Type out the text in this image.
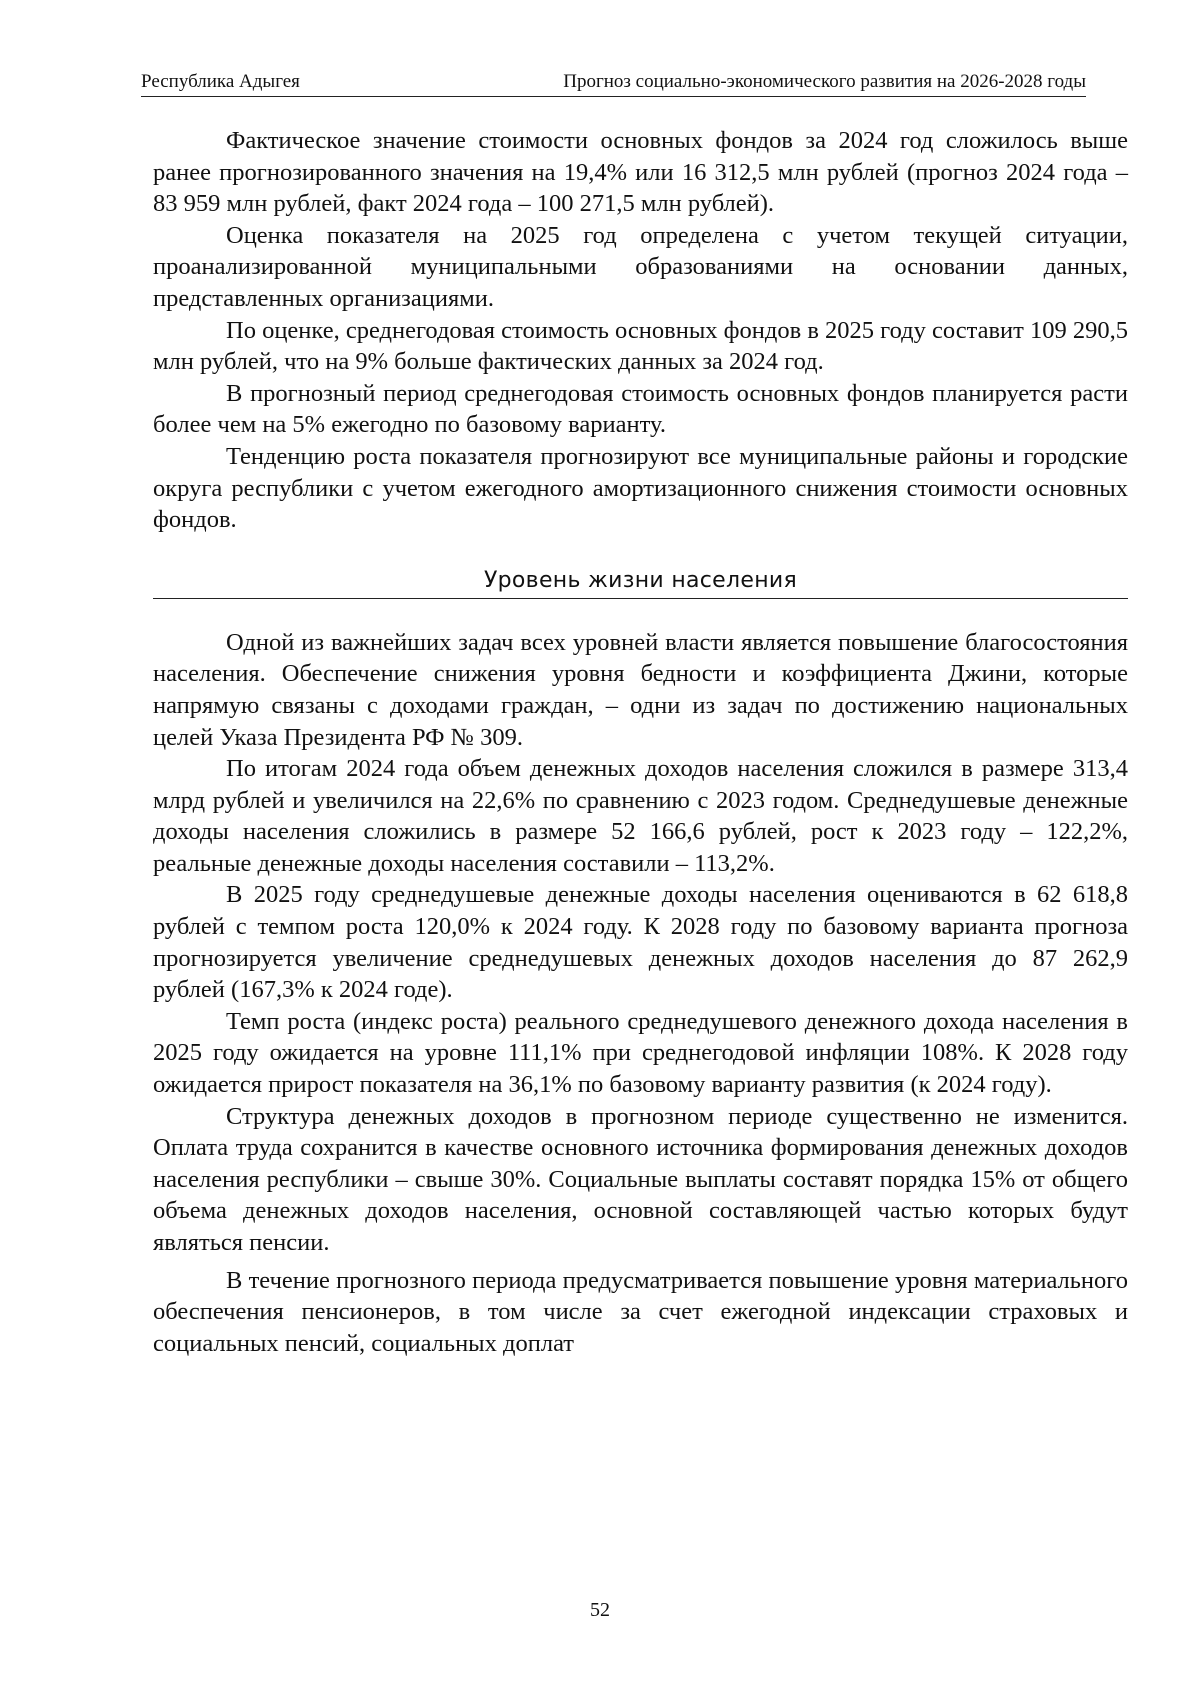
Республика Адыгея	Прогноз социально-экономического развития на 2026-2028 годы

Фактическое значение стоимости основных фондов за 2024 год сложилось выше ранее прогнозированного значения на 19,4% или 16 312,5 млн рублей (прогноз 2024 года – 83 959 млн рублей, факт 2024 года – 100 271,5 млн рублей).

Оценка показателя на 2025 год определена с учетом текущей ситуации, проанализированной муниципальными образованиями на основании данных, представленных организациями.

По оценке, среднегодовая стоимость основных фондов в 2025 году составит 109 290,5 млн рублей, что на 9% больше фактических данных за 2024 год.

В прогнозный период среднегодовая стоимость основных фондов планируется расти более чем на 5% ежегодно по базовому варианту.

Тенденцию роста показателя прогнозируют все муниципальные районы и городские округа республики с учетом ежегодного амортизационного снижения стоимости основных фондов.

Уровень жизни населения

Одной из важнейших задач всех уровней власти является повышение благосостояния населения. Обеспечение снижения уровня бедности и коэффициента Джини, которые напрямую связаны с доходами граждан, – одни из задач по достижению национальных целей Указа Президента РФ № 309.

По итогам 2024 года объем денежных доходов населения сложился в размере 313,4 млрд рублей и увеличился на 22,6% по сравнению с 2023 годом. Среднедушевые денежные доходы населения сложились в размере 52 166,6 рублей, рост к 2023 году – 122,2%, реальные денежные доходы населения составили – 113,2%.

В 2025 году среднедушевые денежные доходы населения оцениваются в 62 618,8 рублей с темпом роста 120,0% к 2024 году. К 2028 году по базовому варианта прогноза прогнозируется увеличение среднедушевых денежных доходов населения до 87 262,9 рублей (167,3% к 2024 годе).

Темп роста (индекс роста) реального среднедушевого денежного дохода населения в 2025 году ожидается на уровне 111,1% при среднегодовой инфляции 108%. К 2028 году ожидается прирост показателя на 36,1% по базовому варианту развития (к 2024 году).

Структура денежных доходов в прогнозном периоде существенно не изменится. Оплата труда сохранится в качестве основного источника формирования денежных доходов населения республики – свыше 30%. Социальные выплаты составят порядка 15% от общего объема денежных доходов населения, основной составляющей частью которых будут являться пенсии.

В течение прогнозного периода предусматривается повышение уровня материального обеспечения пенсионеров, в том числе за счет ежегодной индексации страховых и социальных пенсий, социальных доплат

52
